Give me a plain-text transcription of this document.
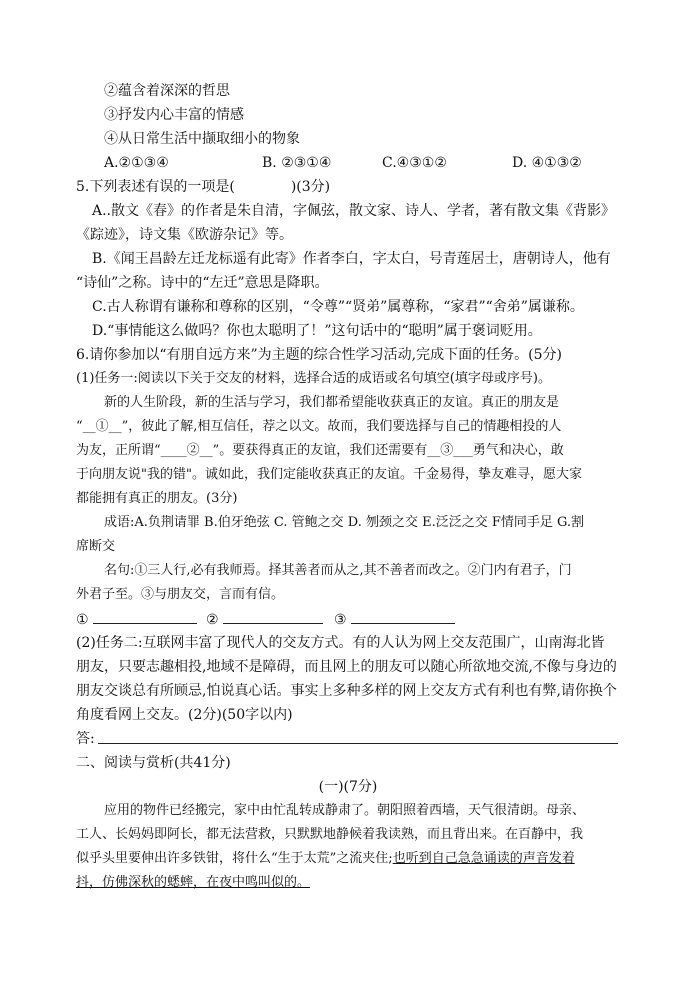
②蕴含着深深的哲思
③抒发内心丰富的情感
④从日常生活中撷取细小的物象
A.②①③④	B. ②③①④	C.④③①②	D. ④①③②
5.下列表述有误的一项是(　　　　)(3分)
A..散文《春》的作者是朱自清，字佩弦，散文家、诗人、学者，著有散文集《背影》
《踪迹》，诗文集《欧游杂记》等。
B.《闻王昌龄左迁龙标遥有此寄》作者李白，字太白，号青莲居士，唐朝诗人，他有
“诗仙”之称。诗中的“左迁”意思是降职。
C.古人称谓有谦称和尊称的区别，“令尊”“贤弟”属尊称，“家君”“舍弟”属谦称。
D.“事情能这么做吗？你也太聪明了！”这句话中的“聪明”属于褒词贬用。
6.请你参加以“有朋自远方来”为主题的综合性学习活动,完成下面的任务。(5分)
(1)任务一:阅读以下关于交友的材料，选择合适的成语或名句填空(填字母或序号)。
新的人生阶段，新的生活与学习，我们都希望能收获真正的友谊。真正的朋友是
“__①__”，彼此了解,相互信任，荐之以文。故而，我们要选择与自己的情趣相投的人
为友，正所谓“____②__”。要获得真正的友谊，我们还需要有__③___勇气和决心，敢
于向朋友说"我的错"。诚如此，我们定能收获真正的友谊。千金易得，挚友难寻，愿大家
都能拥有真正的朋友。(3分)
成语:A.负荆请罪 B.伯牙绝弦 C. 管鲍之交 D. 刎颈之交 E.泛泛之交 F情同手足 G.割
席断交
名句:①三人行,必有我师焉。择其善者而从之,其不善者而改之。②门内有君子，门
外君子至。③与朋友交，言而有信。
①	②	③
(2)任务二:互联网丰富了现代人的交友方式。有的人认为网上交友范围广，山南海北皆
朋友，只要志趣相投,地域不是障碍，而且网上的朋友可以随心所欲地交流,不像与身边的
朋友交谈总有所顾忌,怕说真心话。事实上多种多样的网上交友方式有利也有弊,请你换个
角度看网上交友。(2分)(50字以内)
答:
二、阅读与赏析(共41分)
(一)(7分)
应用的物件已经搬完，家中由忙乱转成静肃了。朝阳照着西墙，天气很清朗。母亲、
工人、长妈妈即阿长，都无法营救，只默默地静候着我读熟，而且背出来。在百静中，我
似乎头里要伸出许多铁钳，将什么“生于太荒”之流夹住;也听到自己急急诵读的声音发着
抖，仿佛深秋的蟋蟀，在夜中鸣叫似的。
